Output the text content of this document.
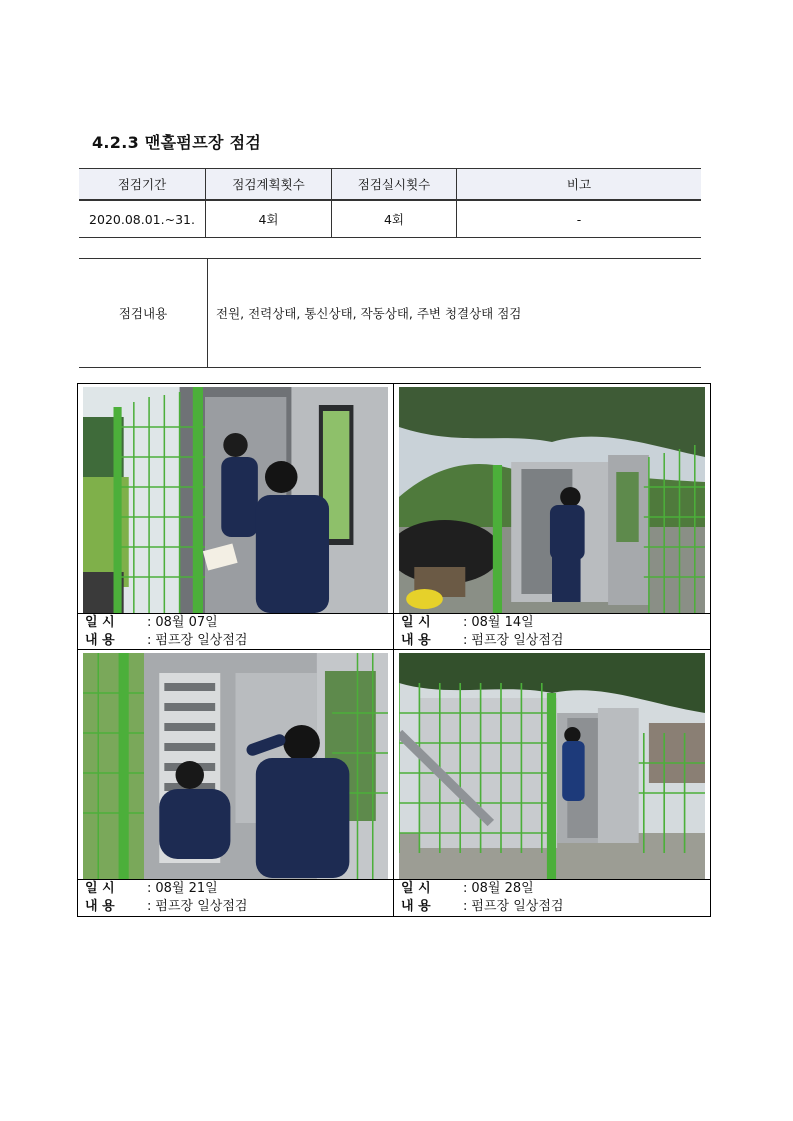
4.2.3 맨홀펌프장 점검
점검기간	점검계획횟수	점검실시횟수	비고
2020.08.01.~31.	4회	4회	-
점검내용	전원, 전력상태, 통신상태, 작동상태, 주변 청결상태 점검
일 시 : 08월 07일
내 용 : 펌프장 일상점검
일 시 : 08월 14일
내 용 : 펌프장 일상점검
일 시 : 08월 21일
내 용 : 펌프장 일상점검
일 시 : 08월 28일
내 용 : 펌프장 일상점검
